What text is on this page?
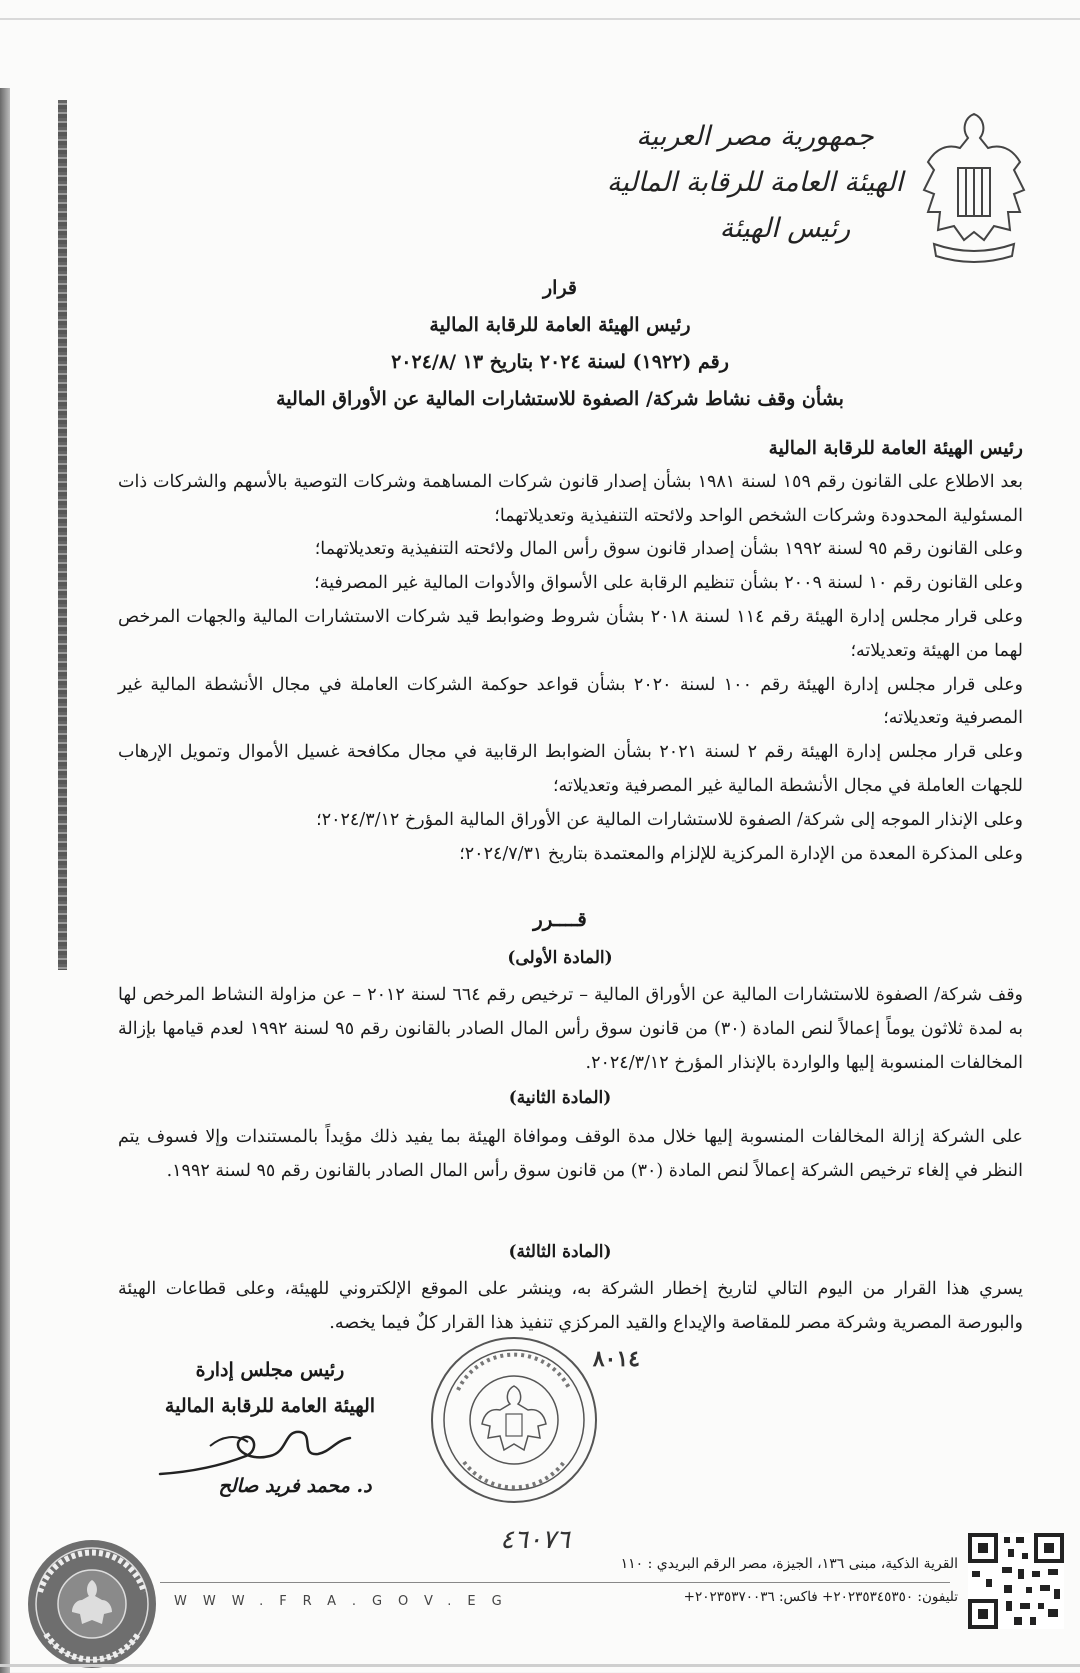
جمهورية مصر العربية
الهيئة العامة للرقابة المالية
رئيس الهيئة
قرار
رئيس الهيئة العامة للرقابة المالية
رقم (١٩٢٢) لسنة ٢٠٢٤ بتاريخ ١٣ /٢٠٢٤/٨
بشأن وقف نشاط شركة/ الصفوة للاستشارات المالية عن الأوراق المالية
رئيس الهيئة العامة للرقابة المالية

بعد الاطلاع على القانون رقم ١٥٩ لسنة ١٩٨١ بشأن إصدار قانون شركات المساهمة وشركات التوصية بالأسهم والشركات ذات المسئولية المحدودة وشركات الشخص الواحد ولائحته التنفيذية وتعديلاتهما؛

وعلى القانون رقم ٩٥ لسنة ١٩٩٢ بشأن إصدار قانون سوق رأس المال ولائحته التنفيذية وتعديلاتهما؛

وعلى القانون رقم ١٠ لسنة ٢٠٠٩ بشأن تنظيم الرقابة على الأسواق والأدوات المالية غير المصرفية؛

وعلى قرار مجلس إدارة الهيئة رقم ١١٤ لسنة ٢٠١٨ بشأن شروط وضوابط قيد شركات الاستشارات المالية والجهات المرخص لهما من الهيئة وتعديلاته؛

وعلى قرار مجلس إدارة الهيئة رقم ١٠٠ لسنة ٢٠٢٠ بشأن قواعد حوكمة الشركات العاملة في مجال الأنشطة المالية غير المصرفية وتعديلاته؛

وعلى قرار مجلس إدارة الهيئة رقم ٢ لسنة ٢٠٢١ بشأن الضوابط الرقابية في مجال مكافحة غسيل الأموال وتمويل الإرهاب للجهات العاملة في مجال الأنشطة المالية غير المصرفية وتعديلاته؛

وعلى الإنذار الموجه إلى شركة/ الصفوة للاستشارات المالية عن الأوراق المالية المؤرخ ٢٠٢٤/٣/١٢؛

وعلى المذكرة المعدة من الإدارة المركزية للإلزام والمعتمدة بتاريخ ٢٠٢٤/٧/٣١؛

قــــرر
(المادة الأولى)

وقف شركة/ الصفوة للاستشارات المالية عن الأوراق المالية – ترخيص رقم ٦٦٤ لسنة ٢٠١٢ – عن مزاولة النشاط المرخص لها به لمدة ثلاثون يوماً إعمالاً لنص المادة (٣٠) من قانون سوق رأس المال الصادر بالقانون رقم ٩٥ لسنة ١٩٩٢ لعدم قيامها بإزالة المخالفات المنسوبة إليها والواردة بالإنذار المؤرخ ٢٠٢٤/٣/١٢.

(المادة الثانية)

على الشركة إزالة المخالفات المنسوبة إليها خلال مدة الوقف وموافاة الهيئة بما يفيد ذلك مؤيداً بالمستندات وإلا فسوف يتم النظر في إلغاء ترخيص الشركة إعمالاً لنص المادة (٣٠) من قانون سوق رأس المال الصادر بالقانون رقم ٩٥ لسنة ١٩٩٢.

(المادة الثالثة)

يسري هذا القرار من اليوم التالي لتاريخ إخطار الشركة به، وينشر على الموقع الإلكتروني للهيئة، وعلى قطاعات الهيئة والبورصة المصرية وشركة مصر للمقاصة والإيداع والقيد المركزي تنفيذ هذا القرار كلٌ فيما يخصه.

رئيس مجلس إدارة
الهيئة العامة للرقابة المالية
د. محمد فريد صالح
٨٠١٤
٤٦٠٧٦
القرية الذكية، مبنى ١٣٦، الجيزة، مصر الرقم البريدي : ١١٠
تليفون: ٢٠٢٣٥٣٤٥٣٥٠+ فاكس: ٢٠٢٣٥٣٧٠٠٣٦+
WWW.FRA.GOV.EG
